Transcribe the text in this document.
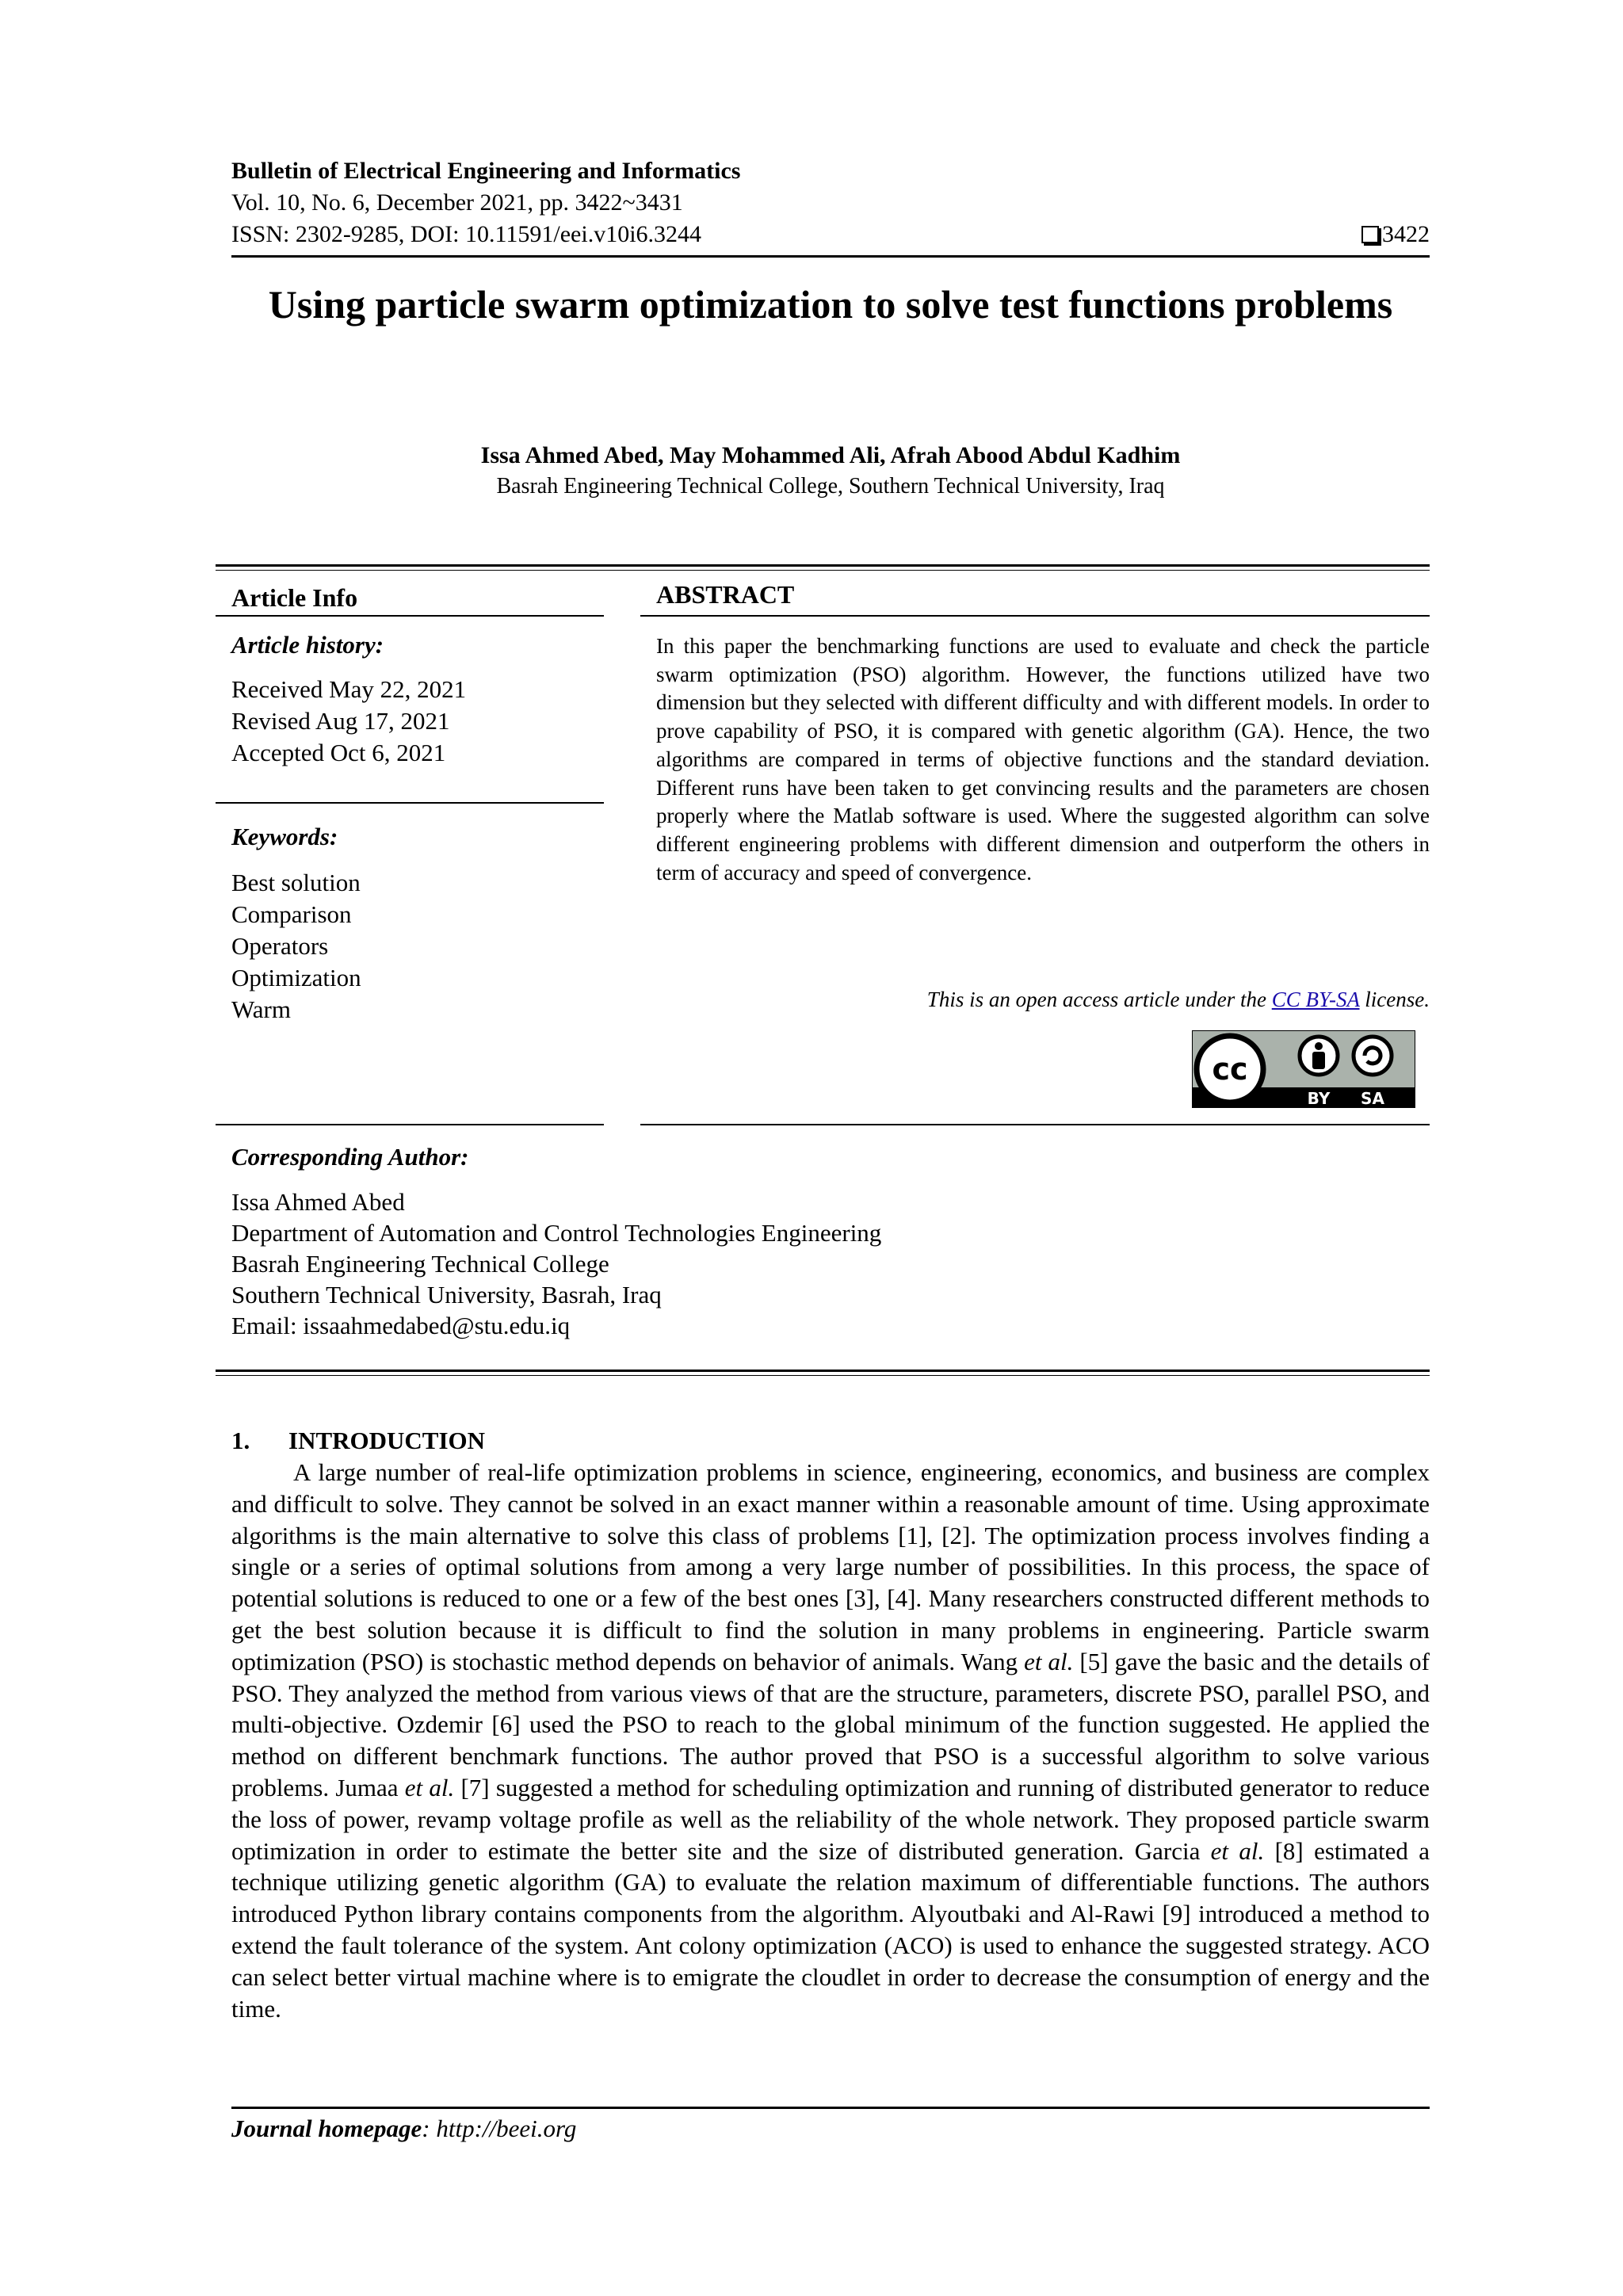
Bulletin of Electrical Engineering and Informatics
Vol. 10, No. 6, December 2021, pp. 3422~3431
ISSN: 2302-9285, DOI: 10.11591/eei.v10i6.3244	3422
Using particle swarm optimization to solve test functions problems
Issa Ahmed Abed, May Mohammed Ali, Afrah Abood Abdul Kadhim
Basrah Engineering Technical College, Southern Technical University, Iraq
Article Info
Article history:
Received May 22, 2021
Revised Aug 17, 2021
Accepted Oct 6, 2021
Keywords:
Best solution
Comparison
Operators
Optimization
Warm
ABSTRACT
In this paper the benchmarking functions are used to evaluate and check the particle swarm optimization (PSO) algorithm. However, the functions utilized have two dimension but they selected with different difficulty and with different models. In order to prove capability of PSO, it is compared with genetic algorithm (GA). Hence, the two algorithms are compared in terms of objective functions and the standard deviation. Different runs have been taken to get convincing results and the parameters are chosen properly where the Matlab software is used. Where the suggested algorithm can solve different engineering problems with different dimension and outperform the others in term of accuracy and speed of convergence.
This is an open access article under the CC BY-SA license.
cc
BY SA
Corresponding Author:
Issa Ahmed Abed
Department of Automation and Control Technologies Engineering
Basrah Engineering Technical College
Southern Technical University, Basrah, Iraq
Email: issaahmedabed@stu.edu.iq
1. INTRODUCTION

A large number of real-life optimization problems in science, engineering, economics, and business are complex and difficult to solve. They cannot be solved in an exact manner within a reasonable amount of time. Using approximate algorithms is the main alternative to solve this class of problems [1], [2]. The optimization process involves finding a single or a series of optimal solutions from among a very large number of possibilities. In this process, the space of potential solutions is reduced to one or a few of the best ones [3], [4]. Many researchers constructed different methods to get the best solution because it is difficult to find the solution in many problems in engineering. Particle swarm optimization (PSO) is stochastic method depends on behavior of animals. Wang et al. [5] gave the basic and the details of PSO. They analyzed the method from various views of that are the structure, parameters, discrete PSO, parallel PSO, and multi-objective. Ozdemir [6] used the PSO to reach to the global minimum of the function suggested. He applied the method on different benchmark functions. The author proved that PSO is a successful algorithm to solve various problems. Jumaa et al. [7] suggested a method for scheduling optimization and running of distributed generator to reduce the loss of power, revamp voltage profile as well as the reliability of the whole network. They proposed particle swarm optimization in order to estimate the better site and the size of distributed generation. Garcia et al. [8] estimated a technique utilizing genetic algorithm (GA) to evaluate the relation maximum of differentiable functions. The authors introduced Python library contains components from the algorithm. Alyoutbaki and Al-Rawi [9] introduced a method to extend the fault tolerance of the system. Ant colony optimization (ACO) is used to enhance the suggested strategy. ACO can select better virtual machine where is to emigrate the cloudlet in order to decrease the consumption of energy and the time.

Journal homepage: http://beei.org
